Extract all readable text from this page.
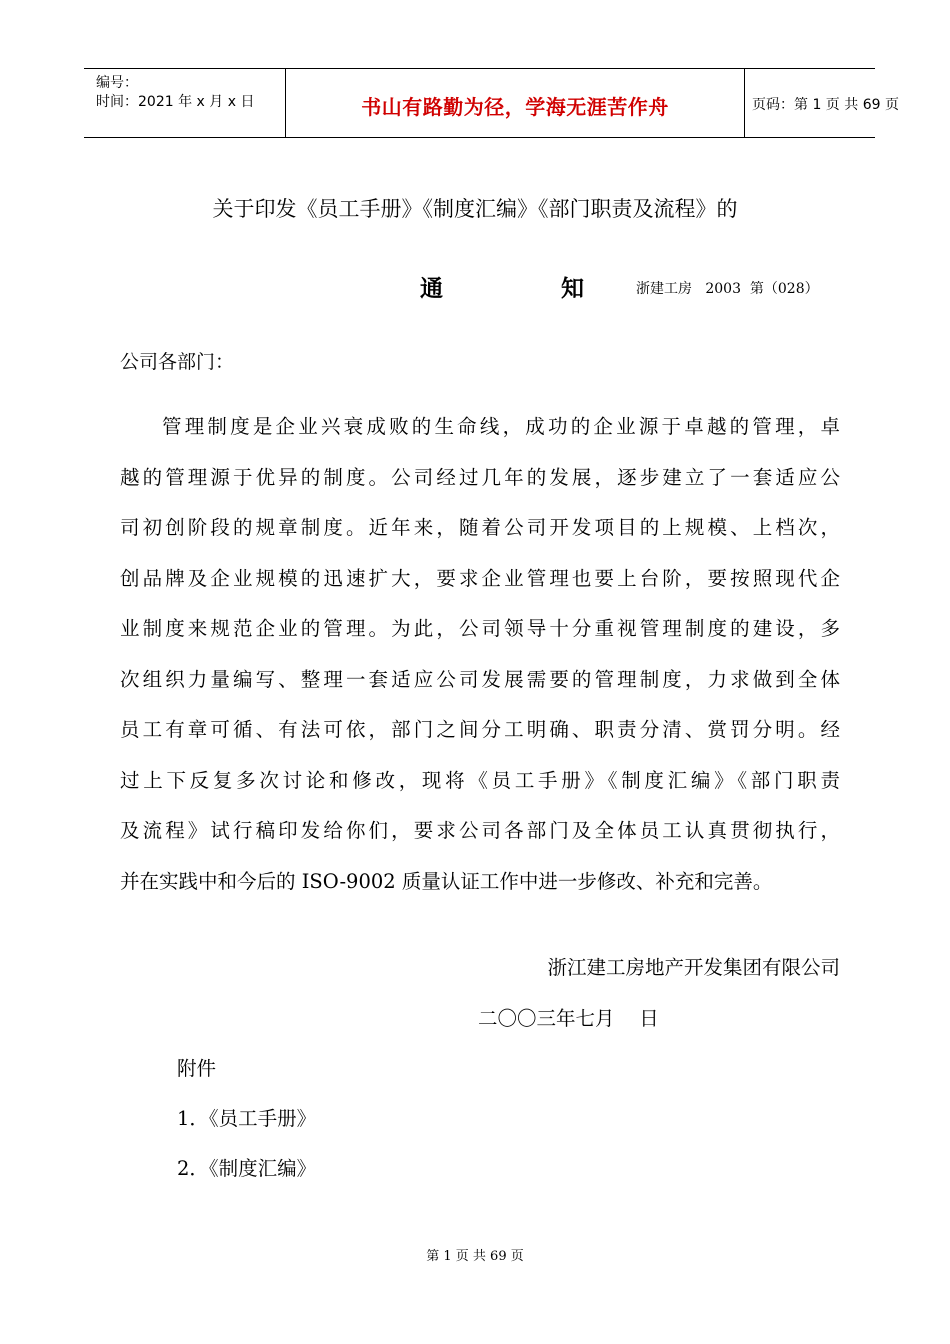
编号：
时间：2021 年 x 月 x 日	书山有路勤为径，学海无涯苦作舟	页码：第 1 页 共 69 页
关于印发《员工手册》《制度汇编》《部门职责及流程》的
通	知	浙建工房   2003  第（028）
公司各部门：
管理制度是企业兴衰成败的生命线，成功的企业源于卓越的管理，卓
越的管理源于优异的制度。公司经过几年的发展，逐步建立了一套适应公
司初创阶段的规章制度。近年来，随着公司开发项目的上规模、上档次，
创品牌及企业规模的迅速扩大，要求企业管理也要上台阶，要按照现代企
业制度来规范企业的管理。为此，公司领导十分重视管理制度的建设，多
次组织力量编写、整理一套适应公司发展需要的管理制度，力求做到全体
员工有章可循、有法可依，部门之间分工明确、职责分清、赏罚分明。经
过上下反复多次讨论和修改，现将《员工手册》《制度汇编》《部门职责
及流程》试行稿印发给你们，要求公司各部门及全体员工认真贯彻执行，
并在实践中和今后的 ISO-9002 质量认证工作中进一步修改、补充和完善。
浙江建工房地产开发集团有限公司
二〇〇三年七月    日
附件
1．《员工手册》
2．《制度汇编》
第 1 页 共 69 页
